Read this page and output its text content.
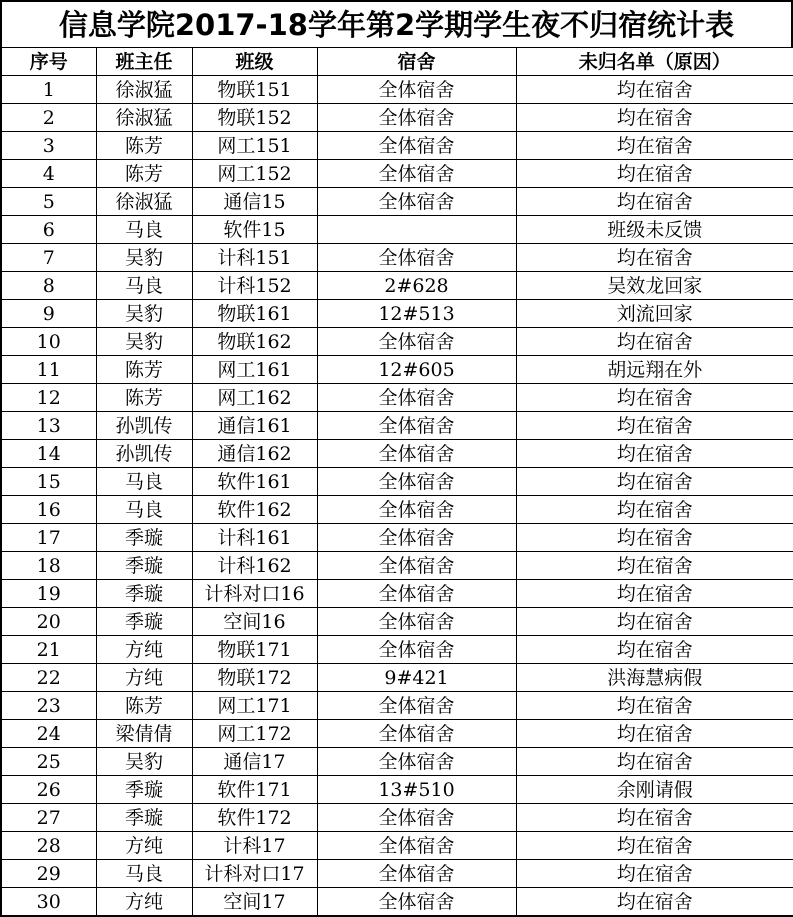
信息学院2017-18学年第2学期学生夜不归宿统计表
序号	班主任	班级	宿舍	未归名单（原因）
1	徐淑猛	物联151	全体宿舍	均在宿舍
2	徐淑猛	物联152	全体宿舍	均在宿舍
3	陈芳	网工151	全体宿舍	均在宿舍
4	陈芳	网工152	全体宿舍	均在宿舍
5	徐淑猛	通信15	全体宿舍	均在宿舍
6	马良	软件15		班级未反馈
7	吴豹	计科151	全体宿舍	均在宿舍
8	马良	计科152	2#628	吴效龙回家
9	吴豹	物联161	12#513	刘流回家
10	吴豹	物联162	全体宿舍	均在宿舍
11	陈芳	网工161	12#605	胡远翔在外
12	陈芳	网工162	全体宿舍	均在宿舍
13	孙凯传	通信161	全体宿舍	均在宿舍
14	孙凯传	通信162	全体宿舍	均在宿舍
15	马良	软件161	全体宿舍	均在宿舍
16	马良	软件162	全体宿舍	均在宿舍
17	季璇	计科161	全体宿舍	均在宿舍
18	季璇	计科162	全体宿舍	均在宿舍
19	季璇	计科对口16	全体宿舍	均在宿舍
20	季璇	空间16	全体宿舍	均在宿舍
21	方纯	物联171	全体宿舍	均在宿舍
22	方纯	物联172	9#421	洪海慧病假
23	陈芳	网工171	全体宿舍	均在宿舍
24	梁倩倩	网工172	全体宿舍	均在宿舍
25	吴豹	通信17	全体宿舍	均在宿舍
26	季璇	软件171	13#510	余刚请假
27	季璇	软件172	全体宿舍	均在宿舍
28	方纯	计科17	全体宿舍	均在宿舍
29	马良	计科对口17	全体宿舍	均在宿舍
30	方纯	空间17	全体宿舍	均在宿舍
